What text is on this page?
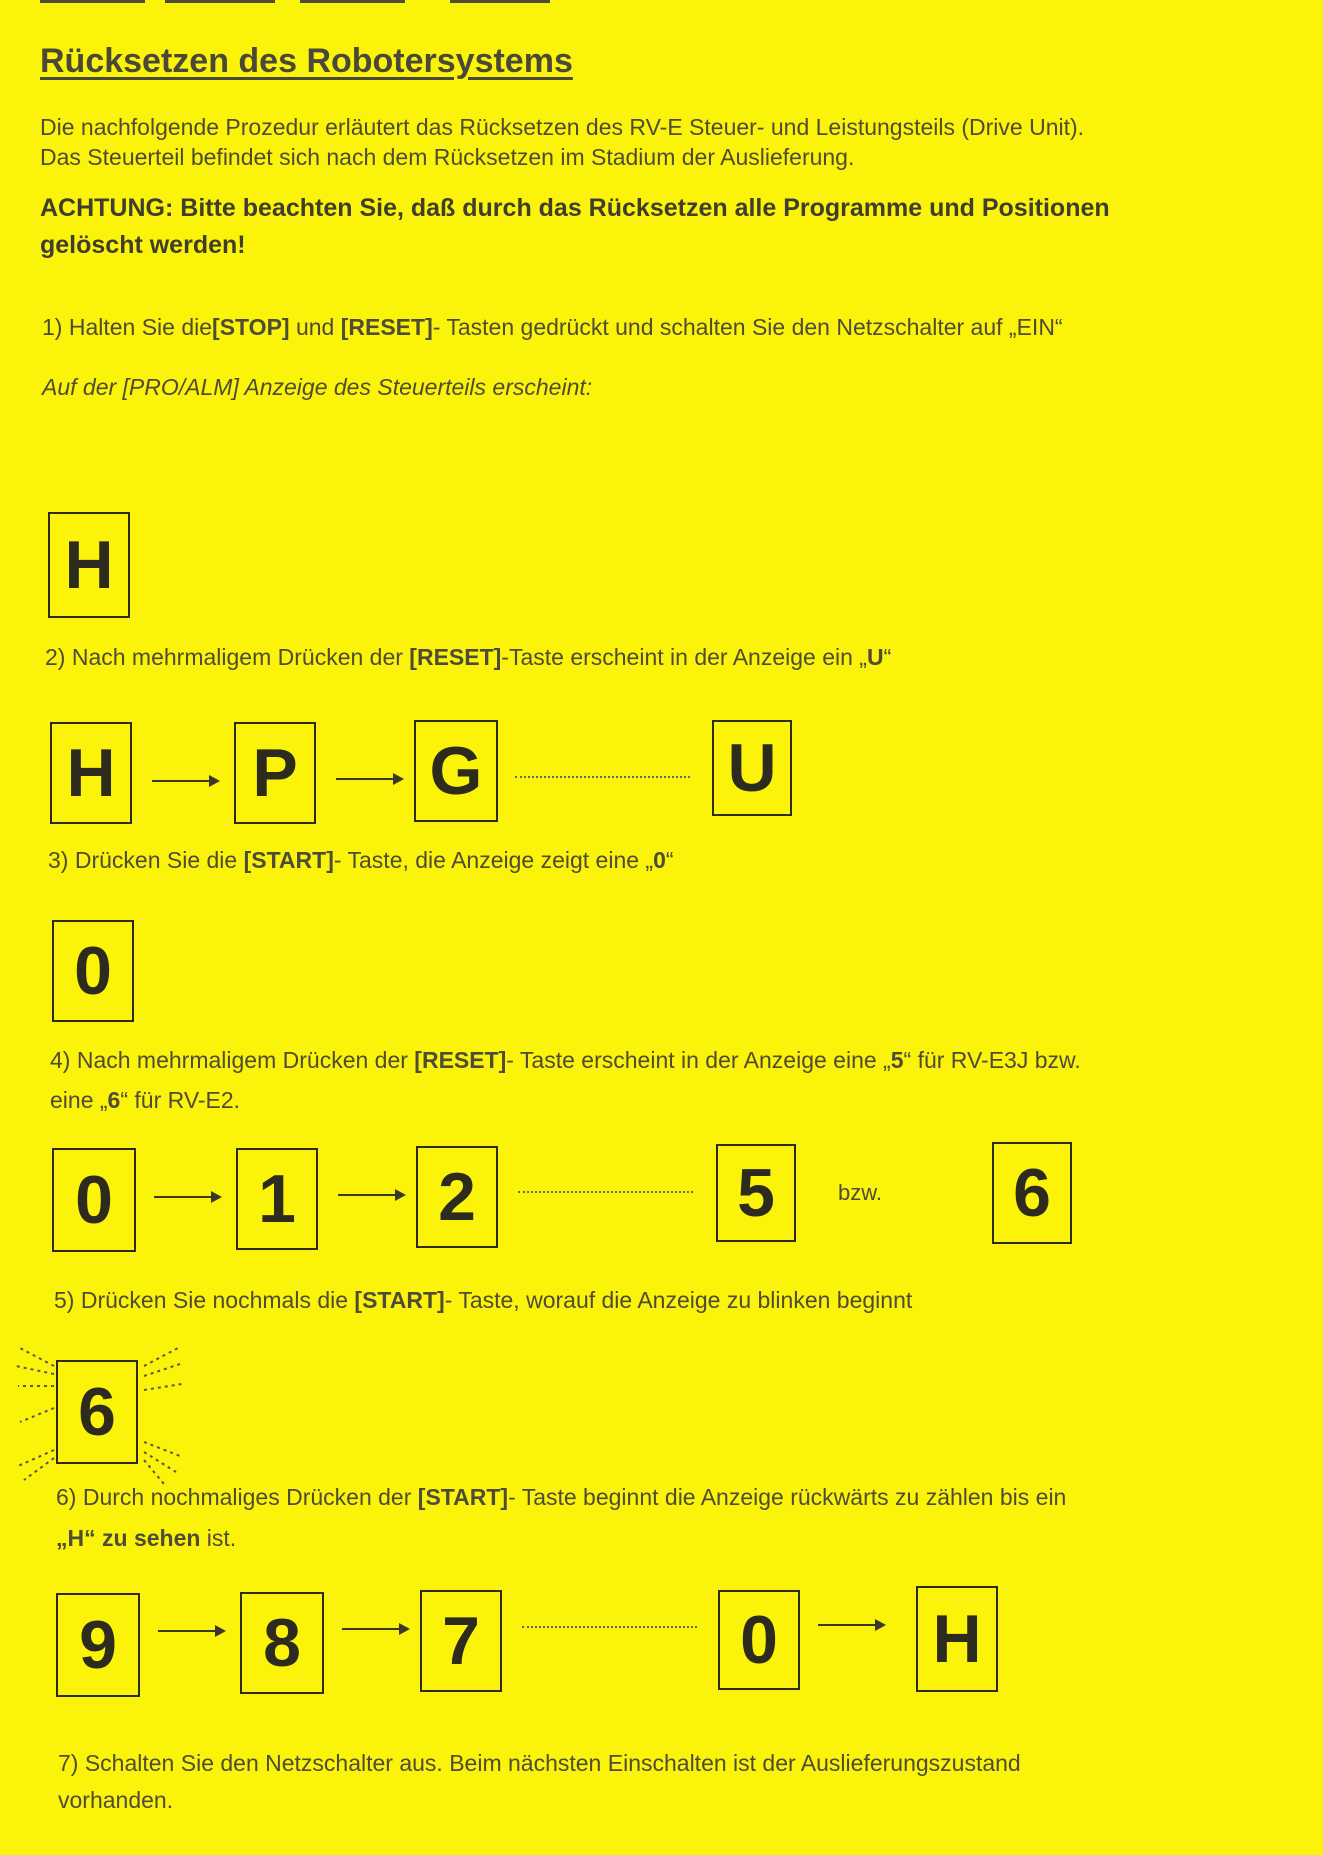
Rücksetzen des Robotersystems

Die nachfolgende Prozedur erläutert das Rücksetzen des RV-E Steuer- und Leistungsteils (Drive Unit).

Das Steuerteil befindet sich nach dem Rücksetzen im Stadium der Auslieferung.

ACHTUNG: Bitte beachten Sie, daß durch das Rücksetzen alle Programme und Positionen

gelöscht werden!

1) Halten Sie die[STOP] und [RESET]- Tasten gedrückt und schalten Sie den Netzschalter auf „EIN“

Auf der [PRO/ALM] Anzeige des Steuerteils erscheint:

H

2) Nach mehrmaligem Drücken der [RESET]-Taste erscheint in der Anzeige ein „U“

H P G	U

3) Drücken Sie die [START]- Taste, die Anzeige zeigt eine „0“

0

4) Nach mehrmaligem Drücken der [RESET]- Taste erscheint in der Anzeige eine „5“ für RV-E3J bzw.

eine „6“ für RV-E2.

0	1	2	5	bzw.	6

5) Drücken Sie nochmals die [START]- Taste, worauf die Anzeige zu blinken beginnt

6

6) Durch nochmaliges Drücken der [START]- Taste beginnt die Anzeige rückwärts zu zählen bis ein

„H“ zu sehen ist.

9	8	7	0	H

7) Schalten Sie den Netzschalter aus. Beim nächsten Einschalten ist der Auslieferungszustand

vorhanden.
